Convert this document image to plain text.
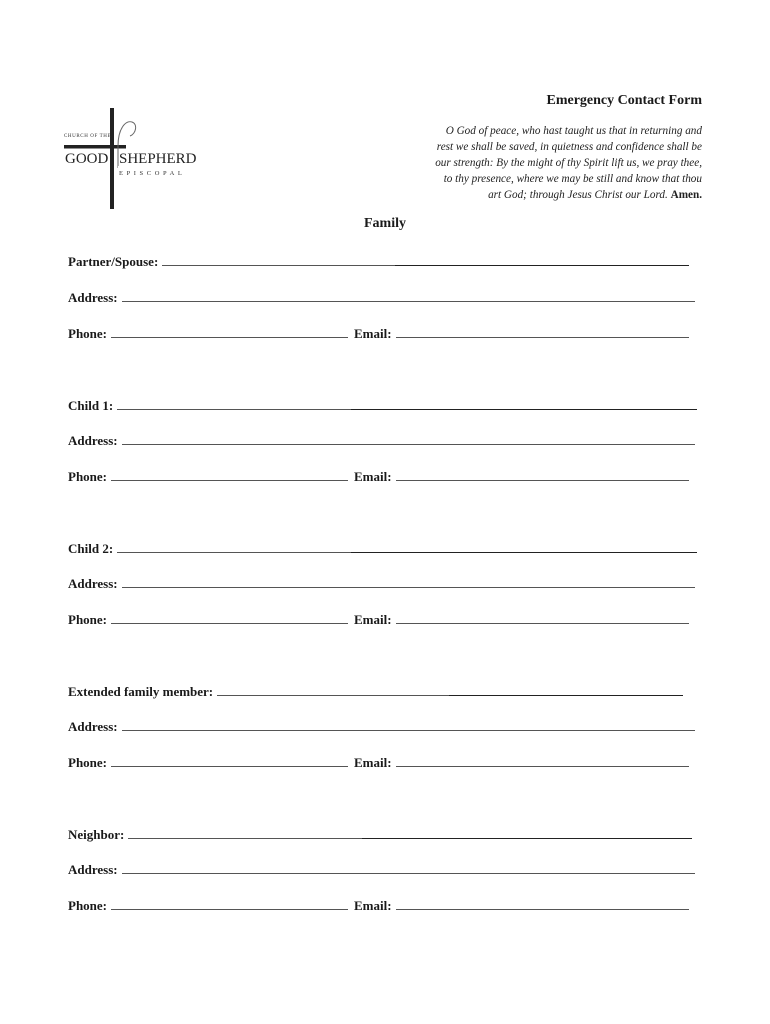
CHURCH OF THE
GOOD SHEPHERD
EPISCOPAL
Emergency Contact Form
O God of peace, who hast taught us that in returning and
rest we shall be saved, in quietness and confidence shall be
our strength: By the might of thy Spirit lift us, we pray thee,
to thy presence, where we may be still and know that thou
art God; through Jesus Christ our Lord. Amen.
Family
Partner/Spouse:
Address:
Phone:	Email:
Child 1:
Address:
Phone:	Email:
Child 2:
Address:
Phone:	Email:
Extended family member:
Address:
Phone:	Email:
Neighbor:
Address:
Phone:	Email:
